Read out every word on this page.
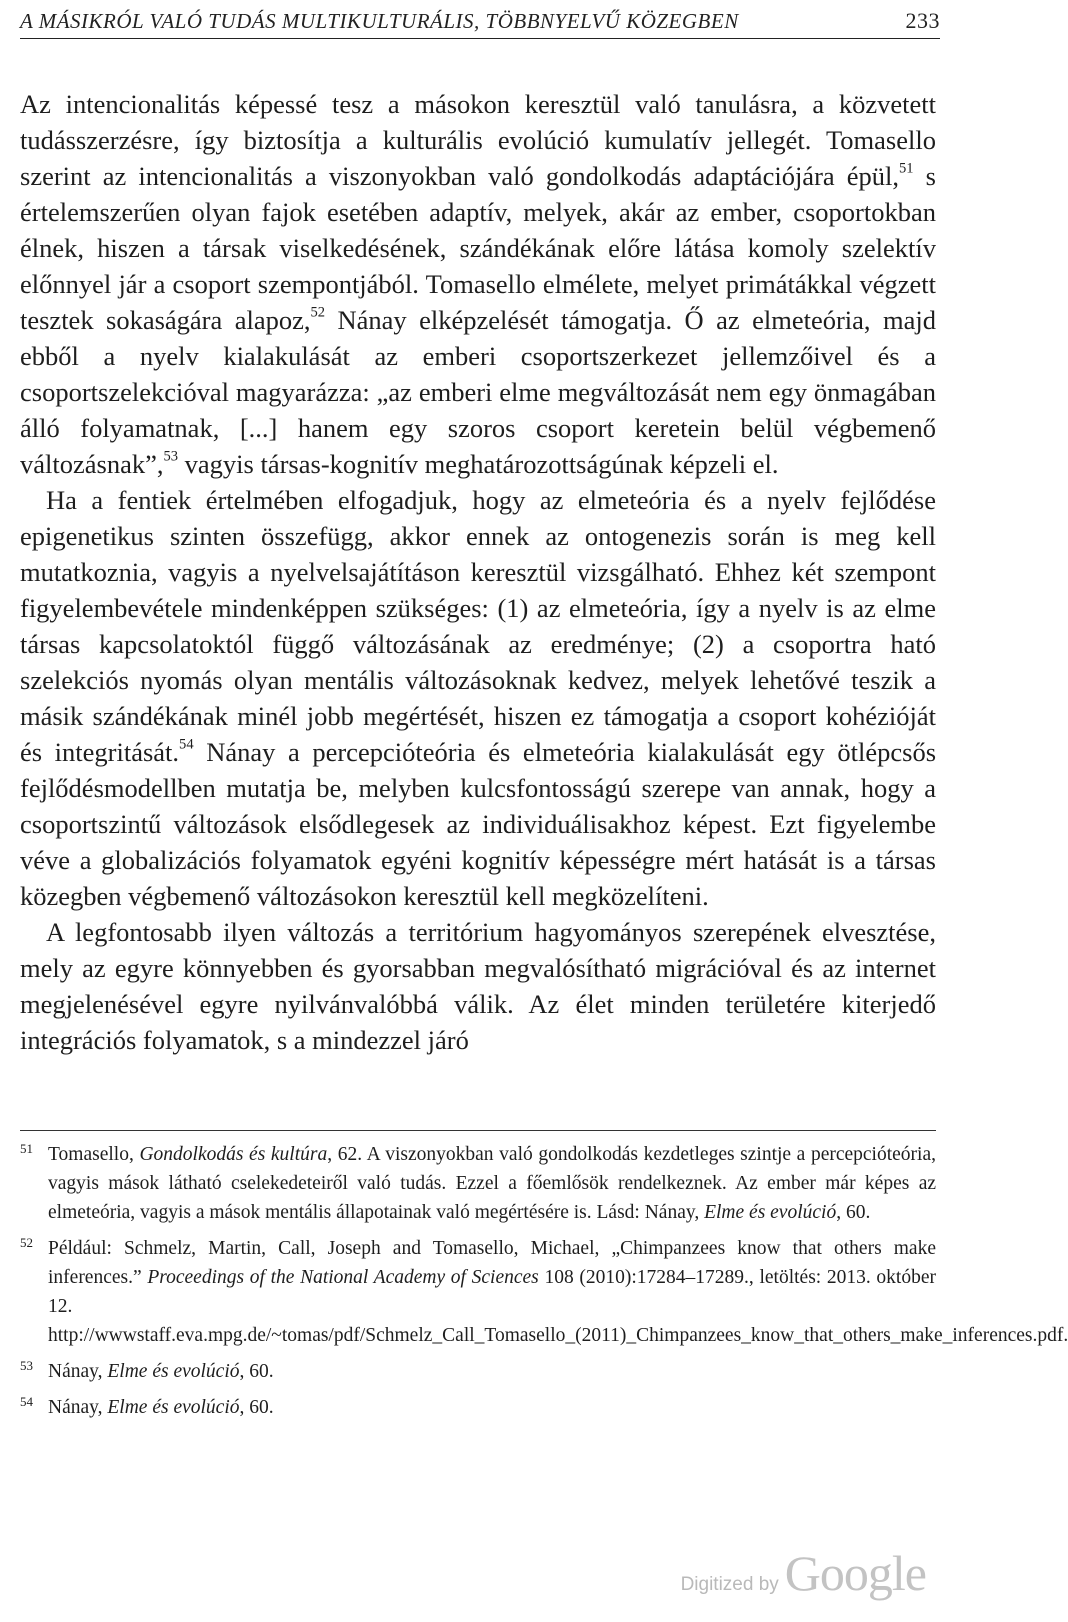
A MÁSIKRÓL VALÓ TUDÁS MULTIKULTURÁLIS, TÖBBNYELVŰ KÖZEGBEN	233

Az intencionalitás képessé tesz a másokon keresztül való tanulásra, a közvetett tudásszerzésre, így biztosítja a kulturális evolúció kumulatív jellegét. Tomasello szerint az intencionalitás a viszonyokban való gondolkodás adaptációjára épül,$^{51}$ s értelemszerűen olyan fajok esetében adaptív, melyek, akár az ember, csoportokban élnek, hiszen a társak viselkedésének, szándékának előre látása komoly szelektív előnnyel jár a csoport szempontjából. Tomasello elmélete, melyet primátákkal végzett tesztek sokaságára alapoz,$^{52}$ Nánay elképzelését támogatja. Ő az elmeteória, majd ebből a nyelv kialakulását az emberi csoportszerkezet jellemzőivel és a csoportszelekcióval magyarázza: „az emberi elme megváltozását nem egy önmagában álló folyamatnak, [...] hanem egy szoros csoport keretein belül végbemenő változásnak”,$^{53}$ vagyis társas-kognitív meghatározottságúnak képzeli el.

Ha a fentiek értelmében elfogadjuk, hogy az elmeteória és a nyelv fejlődése epigenetikus szinten összefügg, akkor ennek az ontogenezis során is meg kell mutatkoznia, vagyis a nyelvelsajátításon keresztül vizsgálható. Ehhez két szempont figyelembevétele mindenképpen szükséges: (1) az elmeteória, így a nyelv is az elme társas kapcsolatoktól függő változásának az eredménye; (2) a csoportra ható szelekciós nyomás olyan mentális változásoknak kedvez, melyek lehetővé teszik a másik szándékának minél jobb megértését, hiszen ez támogatja a csoport kohézióját és integritását.$^{54}$ Nánay a percepcióteória és elmeteória kialakulását egy ötlépcsős fejlődésmodellben mutatja be, melyben kulcsfontosságú szerepe van annak, hogy a csoportszintű változások elsődlegesek az individuálisakhoz képest. Ezt figyelembe véve a globalizációs folyamatok egyéni kognitív képességre mért hatását is a társas közegben végbemenő változásokon keresztül kell megközelíteni.

A legfontosabb ilyen változás a territórium hagyományos szerepének elvesztése, mely az egyre könnyebben és gyorsabban megvalósítható migrációval és az internet megjelenésével egyre nyilvánvalóbbá válik. Az élet minden területére kiterjedő integrációs folyamatok, s a mindezzel járó

51 Tomasello, Gondolkodás és kultúra, 62. A viszonyokban való gondolkodás kezdetleges szintje a percepcióteória, vagyis mások látható cselekedeteiről való tudás. Ezzel a főemlősök rendelkeznek. Az ember már képes az elmeteória, vagyis a mások mentális állapotainak való megértésére is. Lásd: Nánay, Elme és evolúció, 60.
52 Például: Schmelz, Martin, Call, Joseph and Tomasello, Michael, „Chimpanzees know that others make inferences.” Proceedings of the National Academy of Sciences 108 (2010):17284–17289., letöltés: 2013. október 12. http://wwwstaff.eva.mpg.de/~tomas/pdf/Schmelz_Call_Tomasello_(2011)_Chimpanzees_know_that_others_make_inferences.pdf.
53 Nánay, Elme és evolúció, 60.
54 Nánay, Elme és evolúció, 60.
Digitized by Google
